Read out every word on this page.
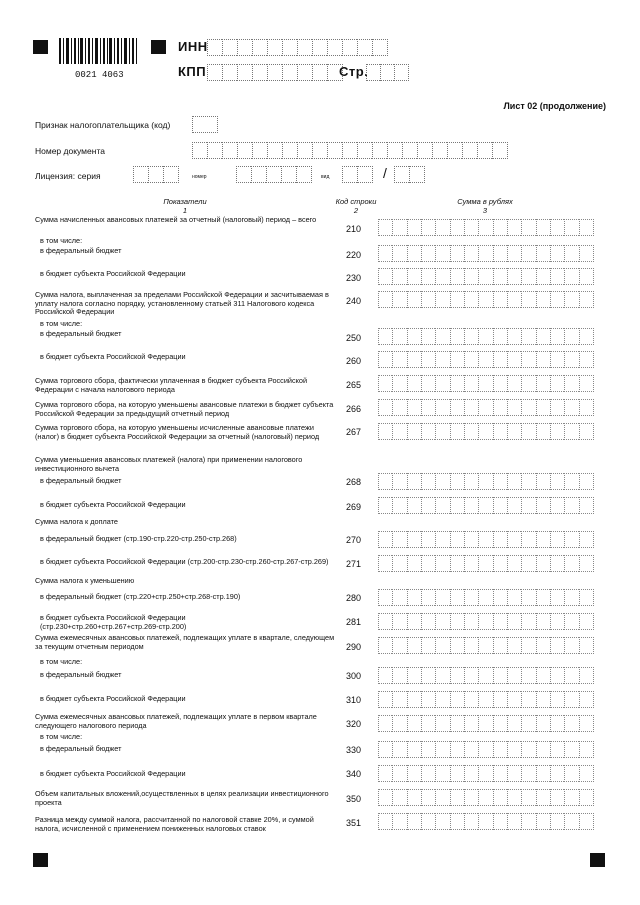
0021 4063
ИНН
КПП	Стр.
Лист 02 (продолжение)
Признак налогоплательщика (код)
Номер документа
Лицензия: серия	номер	вид	/
Показатели
1
Код строки
2
Сумма в рублях
3
Сумма начисленных авансовых платежей за отчетный (налоговый) период – всего
210
в том числе:
в федеральный бюджет	220
в бюджет субъекта Российской Федерации	230
Сумма налога, выплаченная за пределами Российской Федерации и засчитываемая в уплату налога согласно порядку, установленному статьей 311 Налогового кодекса Российской Федерации
240
в том числе:
в федеральный бюджет	250
в бюджет субъекта Российской Федерации	260
Сумма торгового сбора, фактически уплаченная в бюджет субъекта Российской Федерации с начала налогового периода	265
Сумма торгового сбора, на которую уменьшены авансовые платежи в бюджет субъекта Российской Федерации за предыдущий отчетный период	266
Сумма торгового сбора, на которую уменьшены исчисленные авансовые платежи (налог) в бюджет субъекта Российской Федерации за отчетный (налоговый) период	267
Сумма уменьшения авансовых платежей (налога) при применении налогового инвестиционного вычета
в федеральный бюджет	268
в бюджет субъекта Российской Федерации	269
Сумма налога к доплате
в федеральный бюджет (стр.190-стр.220-стр.250-стр.268)	270
в бюджет субъекта Российской Федерации (стр.200-стр.230-стр.260-стр.267-стр.269)	271
Сумма налога к уменьшению
в федеральный бюджет (стр.220+стр.250+стр.268-стр.190)	280
в бюджет субъекта Российской Федерации (стр.230+стр.260+стр.267+стр.269-стр.200)	281
Сумма ежемесячных авансовых платежей, подлежащих уплате в квартале, следующем за текущим отчетным периодом	290
в том числе:
в федеральный бюджет	300
в бюджет субъекта Российской Федерации	310
Сумма ежемесячных авансовых платежей, подлежащих уплате в первом квартале следующего налогового периода	320
в том числе:
в федеральный бюджет	330
в бюджет субъекта Российской Федерации	340
Объем капитальных вложений,осуществленных в целях реализации инвестиционного проекта	350
Разница между суммой налога, рассчитанной по налоговой ставке 20%, и суммой налога, исчисленной с применением пониженных налоговых ставок
351
